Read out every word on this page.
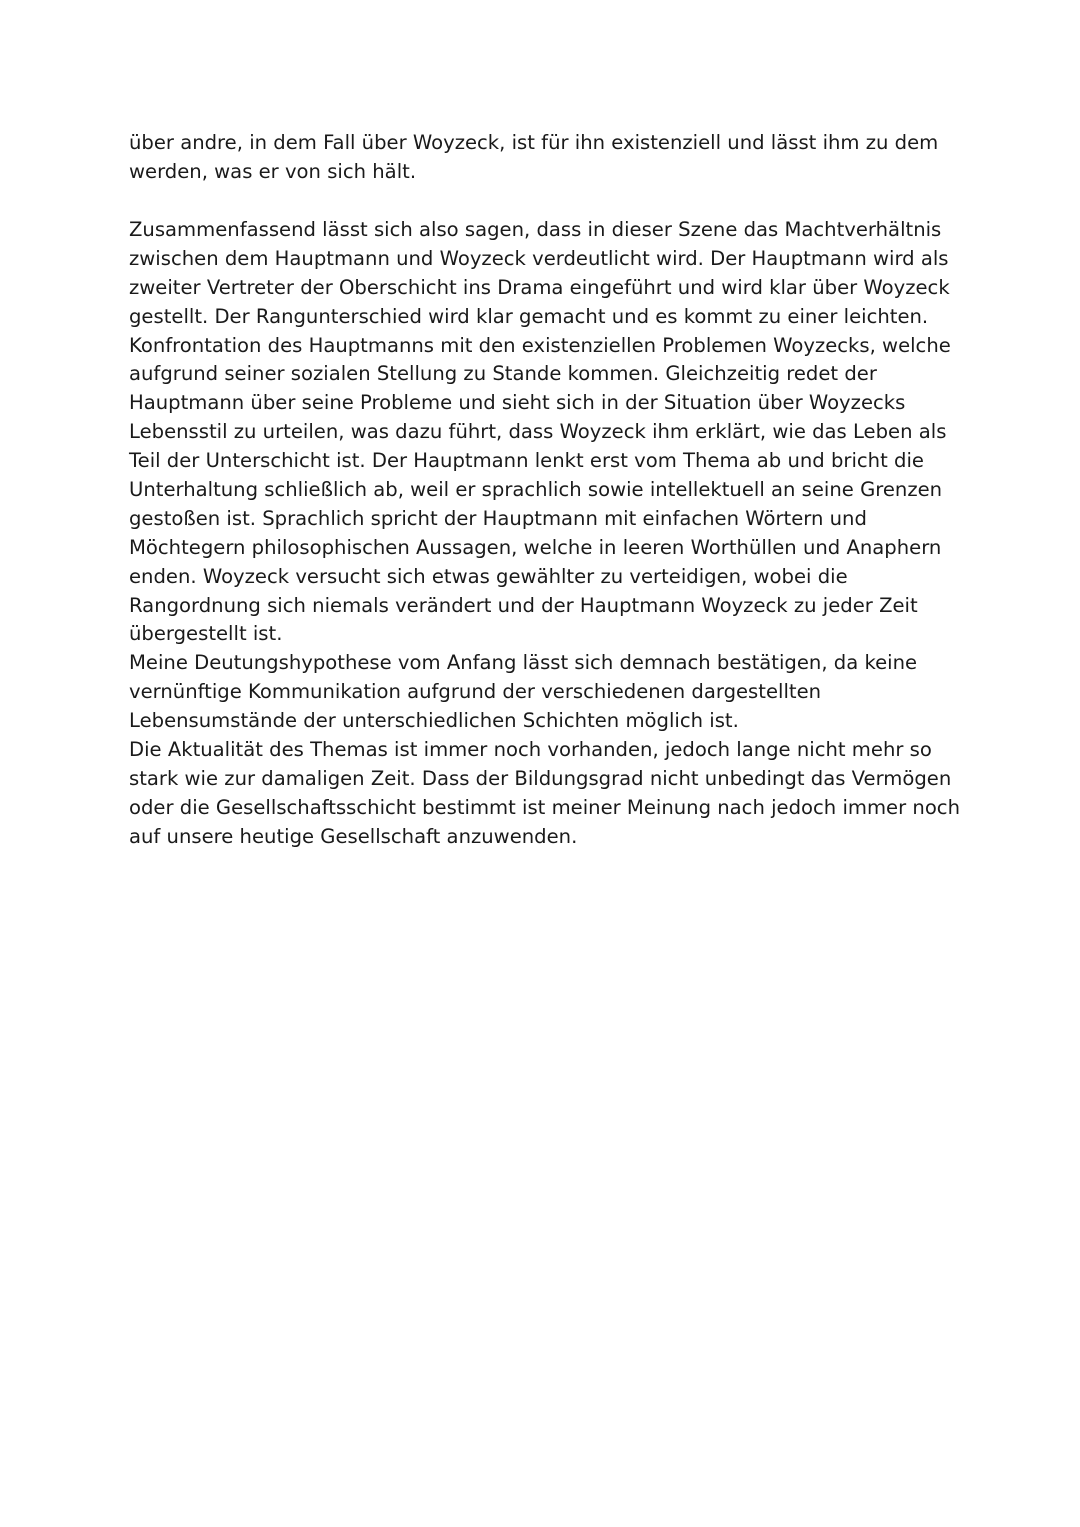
über andre, in dem Fall über Woyzeck, ist für ihn existenziell und lässt ihm zu dem
werden, was er von sich hält.
Zusammenfassend lässt sich also sagen, dass in dieser Szene das Machtverhältnis
zwischen dem Hauptmann und Woyzeck verdeutlicht wird. Der Hauptmann wird als
zweiter Vertreter der Oberschicht ins Drama eingeführt und wird klar über Woyzeck
gestellt. Der Rangunterschied wird klar gemacht und es kommt zu einer leichten.
Konfrontation des Hauptmanns mit den existenziellen Problemen Woyzecks, welche
aufgrund seiner sozialen Stellung zu Stande kommen. Gleichzeitig redet der
Hauptmann über seine Probleme und sieht sich in der Situation über Woyzecks
Lebensstil zu urteilen, was dazu führt, dass Woyzeck ihm erklärt, wie das Leben als
Teil der Unterschicht ist. Der Hauptmann lenkt erst vom Thema ab und bricht die
Unterhaltung schließlich ab, weil er sprachlich sowie intellektuell an seine Grenzen
gestoßen ist. Sprachlich spricht der Hauptmann mit einfachen Wörtern und
Möchtegern philosophischen Aussagen, welche in leeren Worthüllen und Anaphern
enden. Woyzeck versucht sich etwas gewählter zu verteidigen, wobei die
Rangordnung sich niemals verändert und der Hauptmann Woyzeck zu jeder Zeit
übergestellt ist.
Meine Deutungshypothese vom Anfang lässt sich demnach bestätigen, da keine
vernünftige Kommunikation aufgrund der verschiedenen dargestellten
Lebensumstände der unterschiedlichen Schichten möglich ist.
Die Aktualität des Themas ist immer noch vorhanden, jedoch lange nicht mehr so
stark wie zur damaligen Zeit. Dass der Bildungsgrad nicht unbedingt das Vermögen
oder die Gesellschaftsschicht bestimmt ist meiner Meinung nach jedoch immer noch
auf unsere heutige Gesellschaft anzuwenden.
